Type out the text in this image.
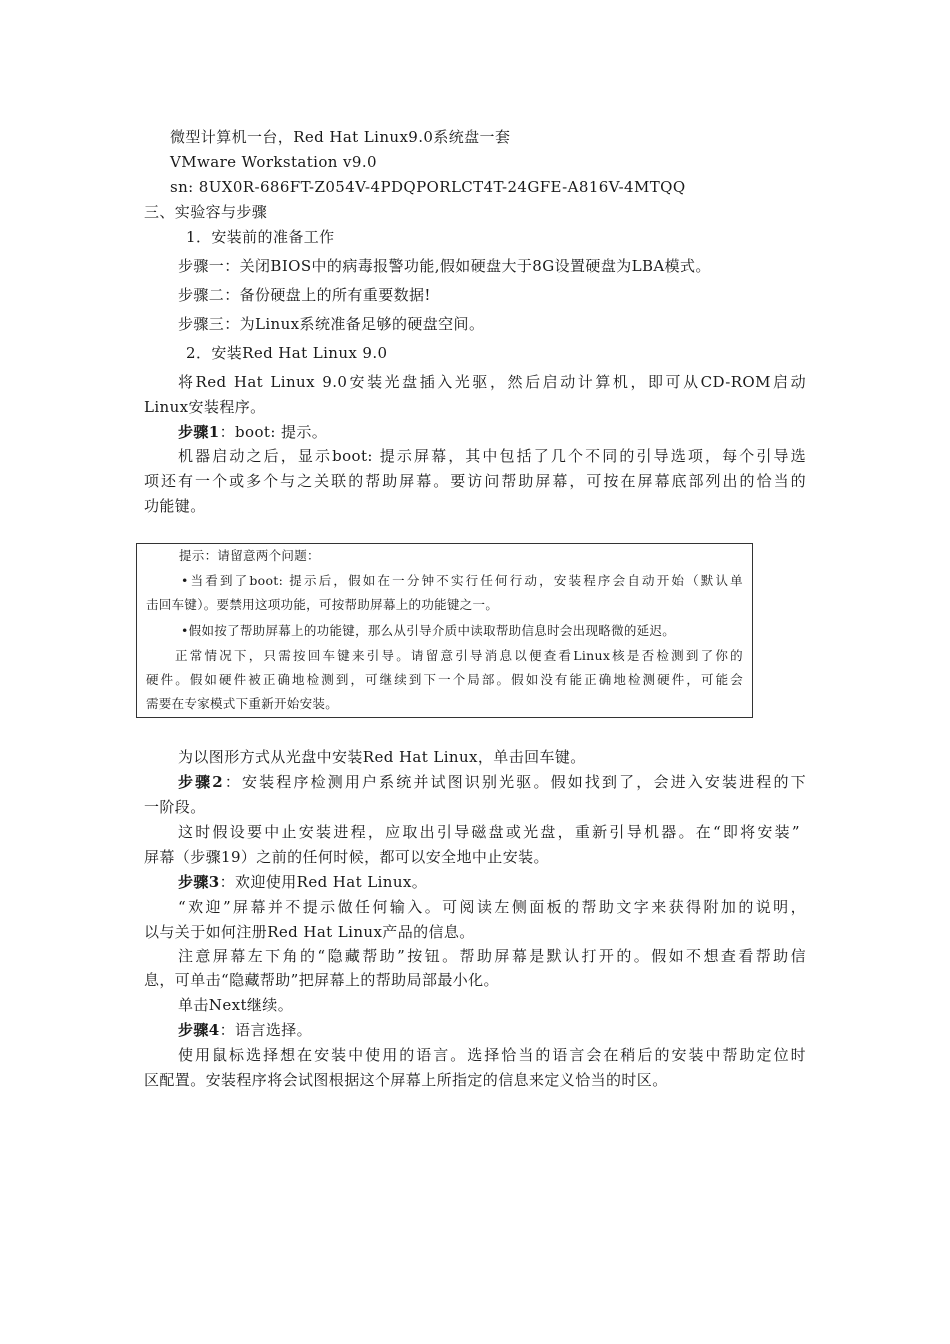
微型计算机一台，Red Hat Linux9.0系统盘一套

VMware Workstation v9.0

sn: 8UX0R-686FT-Z054V-4PDQPORLCT4T-24GFE-A816V-4MTQQ

三、实验容与步骤

1．安装前的准备工作

步骤一：关闭BIOS中的病毒报警功能,假如硬盘大于8G设置硬盘为LBA模式。

步骤二：备份硬盘上的所有重要数据!

步骤三：为Linux系统准备足够的硬盘空间。

2．安装Red Hat Linux 9.0

将Red Hat Linux 9.0安装光盘插入光驱，然后启动计算机，即可从CD-ROM启动

Linux安装程序。

步骤1：boot: 提示。

机器启动之后，显示boot: 提示屏幕，其中包括了几个不同的引导选项，每个引导选

项还有一个或多个与之关联的帮助屏幕。要访问帮助屏幕，可按在屏幕底部列出的恰当的

功能键。

提示：请留意两个问题：

•当看到了boot: 提示后，假如在一分钟不实行任何行动，安装程序会自动开始（默认单

击回车键）。要禁用这项功能，可按帮助屏幕上的功能键之一。

•假如按了帮助屏幕上的功能键，那么从引导介质中读取帮助信息时会出现略微的延迟。

正常情况下，只需按回车键来引导。请留意引导消息以便查看Linux核是否检测到了你的

硬件。假如硬件被正确地检测到，可继续到下一个局部。假如没有能正确地检测硬件，可能会

需要在专家模式下重新开始安装。

为以图形方式从光盘中安装Red Hat Linux，单击回车键。

步骤2：安装程序检测用户系统并试图识别光驱。假如找到了，会进入安装进程的下

一阶段。

这时假设要中止安装进程，应取出引导磁盘或光盘，重新引导机器。在“即将安装”

屏幕（步骤19）之前的任何时候，都可以安全地中止安装。

步骤3：欢迎使用Red Hat Linux。

“欢迎”屏幕并不提示做任何输入。可阅读左侧面板的帮助文字来获得附加的说明，

以与关于如何注册Red Hat Linux产品的信息。

注意屏幕左下角的“隐藏帮助”按钮。帮助屏幕是默认打开的。假如不想查看帮助信

息，可单击“隐藏帮助”把屏幕上的帮助局部最小化。

单击Next继续。

步骤4：语言选择。

使用鼠标选择想在安装中使用的语言。选择恰当的语言会在稍后的安装中帮助定位时

区配置。安装程序将会试图根据这个屏幕上所指定的信息来定义恰当的时区。
